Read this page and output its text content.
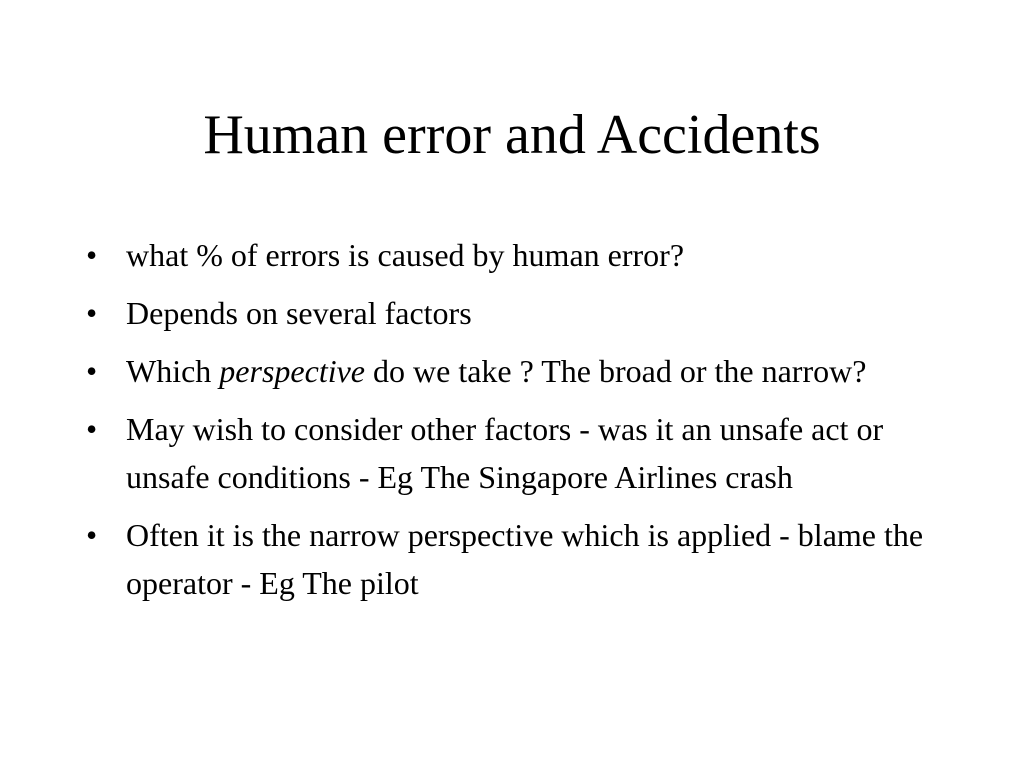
Human error and Accidents
• what % of errors is caused by human error?
• Depends on several factors
• Which perspective do we take ? The broad or the narrow?
• May wish to consider other factors - was it an unsafe act or unsafe conditions - Eg The Singapore Airlines crash
• Often it is the narrow perspective which is applied - blame the operator - Eg The pilot
